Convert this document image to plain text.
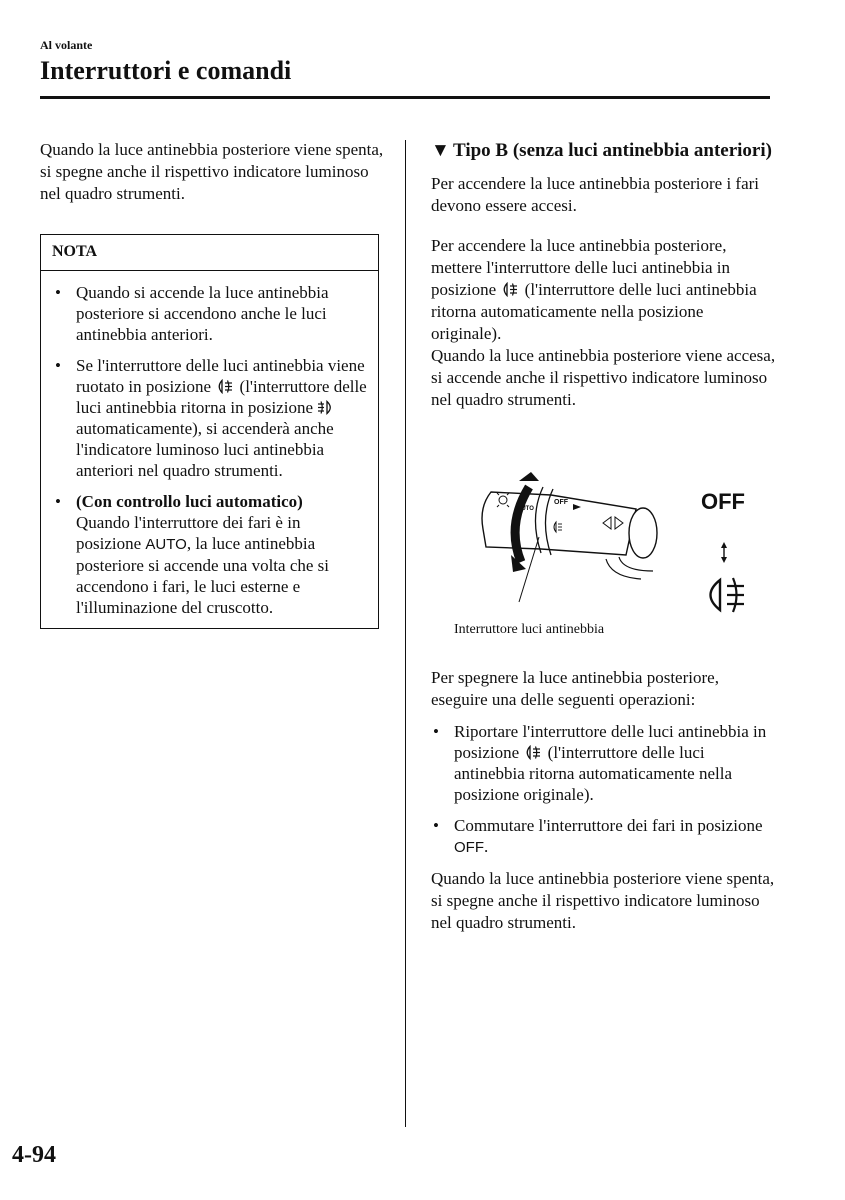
Al volante
Interruttori e comandi

Quando la luce antinebbia posteriore viene spenta, si spegne anche il rispettivo indicatore luminoso nel quadro strumenti.

NOTA
• Quando si accende la luce antinebbia posteriore si accendono anche le luci antinebbia anteriori.
• Se l'interruttore delle luci antinebbia viene ruotato in posizione (l'interruttore delle luci antinebbia ritorna in posizione  automaticamente), si accenderà anche l'indicatore luminoso luci antinebbia anteriori nel quadro strumenti.
• (Con controllo luci automatico)
Quando l'interruttore dei fari è in posizione AUTO, la luce antinebbia posteriore si accende una volta che si accendono i fari, le luci esterne e l'illuminazione del cruscotto.
▼ Tipo B (senza luci antinebbia anteriori)

Per accendere la luce antinebbia posteriore i fari devono essere accesi.

Per accendere la luce antinebbia posteriore, mettere l'interruttore delle luci antinebbia in posizione (l'interruttore delle luci antinebbia ritorna automaticamente nella posizione originale).

Quando la luce antinebbia posteriore viene accesa, si accende anche il rispettivo indicatore luminoso nel quadro strumenti.

OFF
AUTO	OFF
Interruttore luci antinebbia

Per spegnere la luce antinebbia posteriore, eseguire una delle seguenti operazioni:

• Riportare l'interruttore delle luci antinebbia in posizione (l'interruttore delle luci antinebbia ritorna automaticamente nella posizione originale).
• Commutare l'interruttore dei fari in posizione OFF.

Quando la luce antinebbia posteriore viene spenta, si spegne anche il rispettivo indicatore luminoso nel quadro strumenti.

4-94
